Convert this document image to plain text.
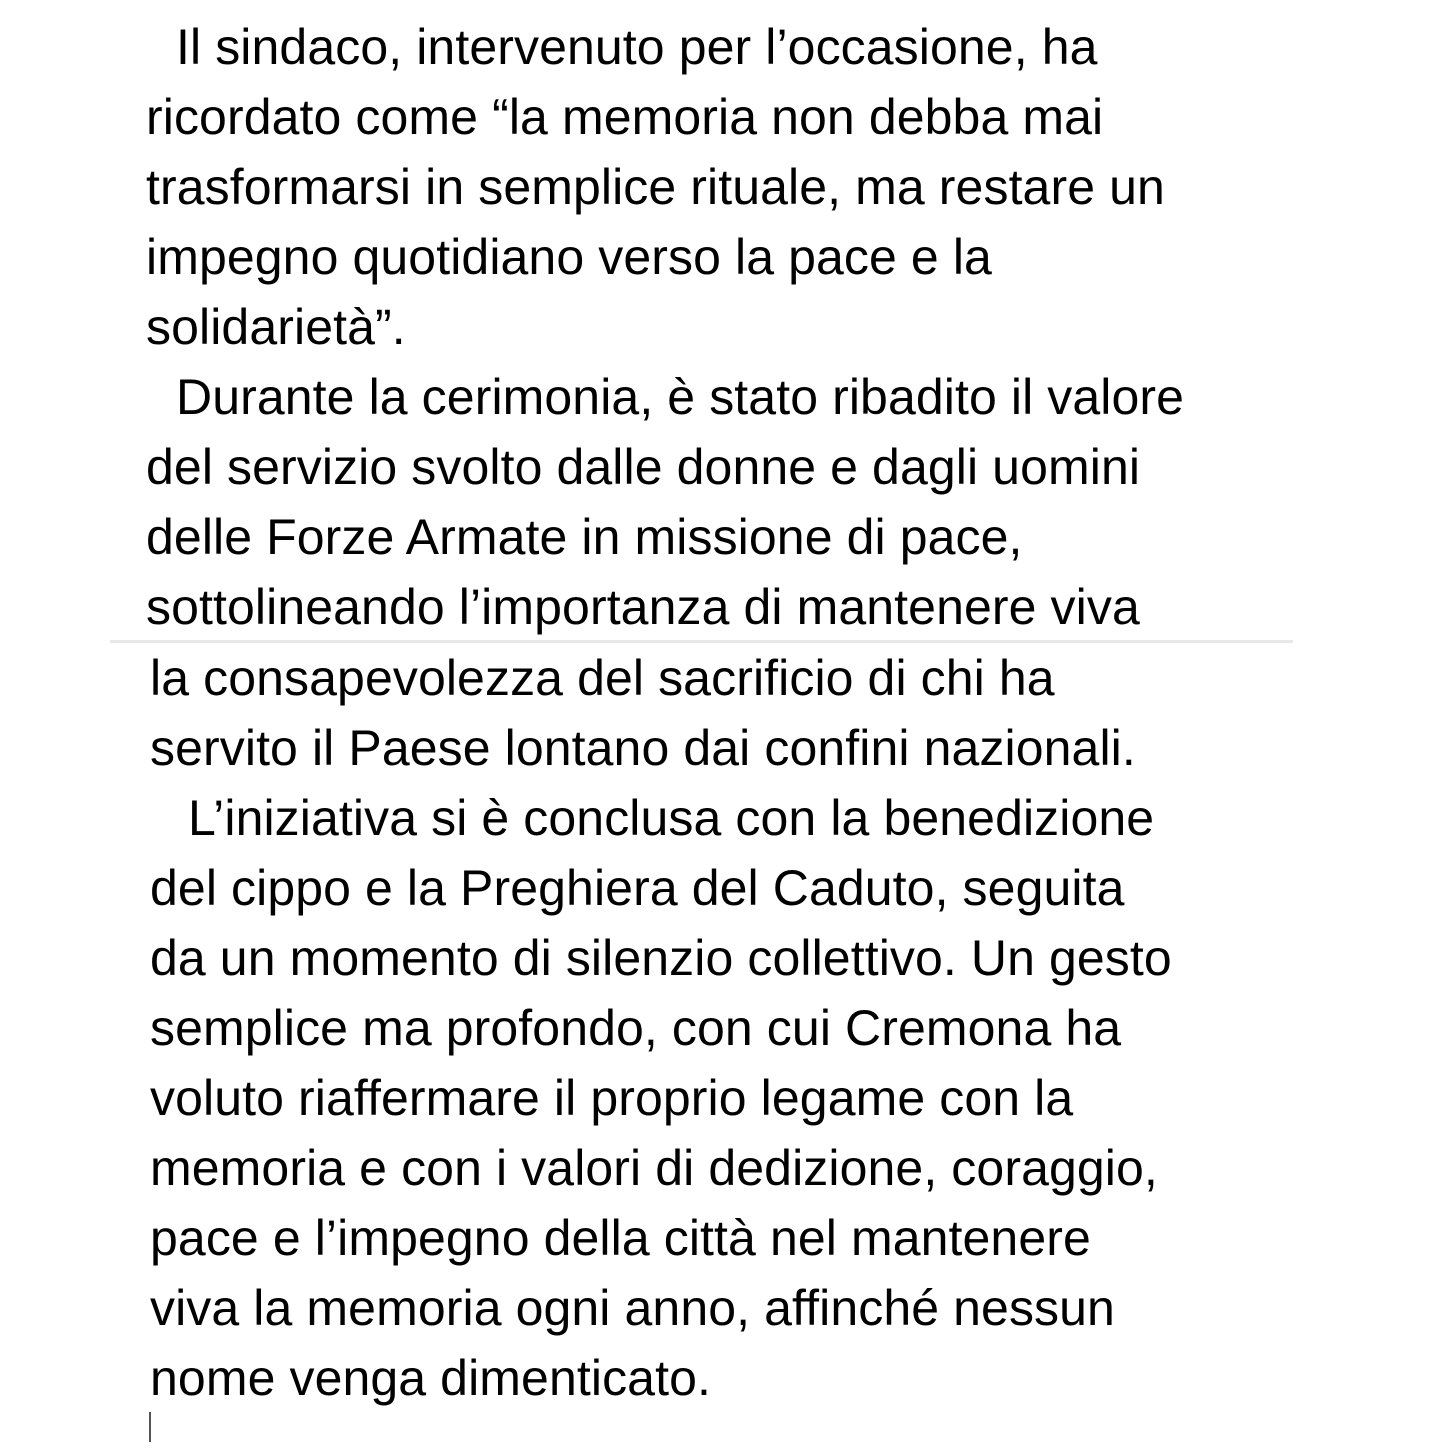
Il sindaco, intervenuto per l’occasione, ha
ricordato come “la memoria non debba mai
trasformarsi in semplice rituale, ma restare un
impegno quotidiano verso la pace e la
solidarietà”.
Durante la cerimonia, è stato ribadito il valore
del servizio svolto dalle donne e dagli uomini
delle Forze Armate in missione di pace,
sottolineando l’importanza di mantenere viva
la consapevolezza del sacrificio di chi ha
servito il Paese lontano dai confini nazionali.
L’iniziativa si è conclusa con la benedizione
del cippo e la Preghiera del Caduto, seguita
da un momento di silenzio collettivo. Un gesto
semplice ma profondo, con cui Cremona ha
voluto riaffermare il proprio legame con la
memoria e con i valori di dedizione, coraggio,
pace e l’impegno della città nel mantenere
viva la memoria ogni anno, affinché nessun
nome venga dimenticato.
